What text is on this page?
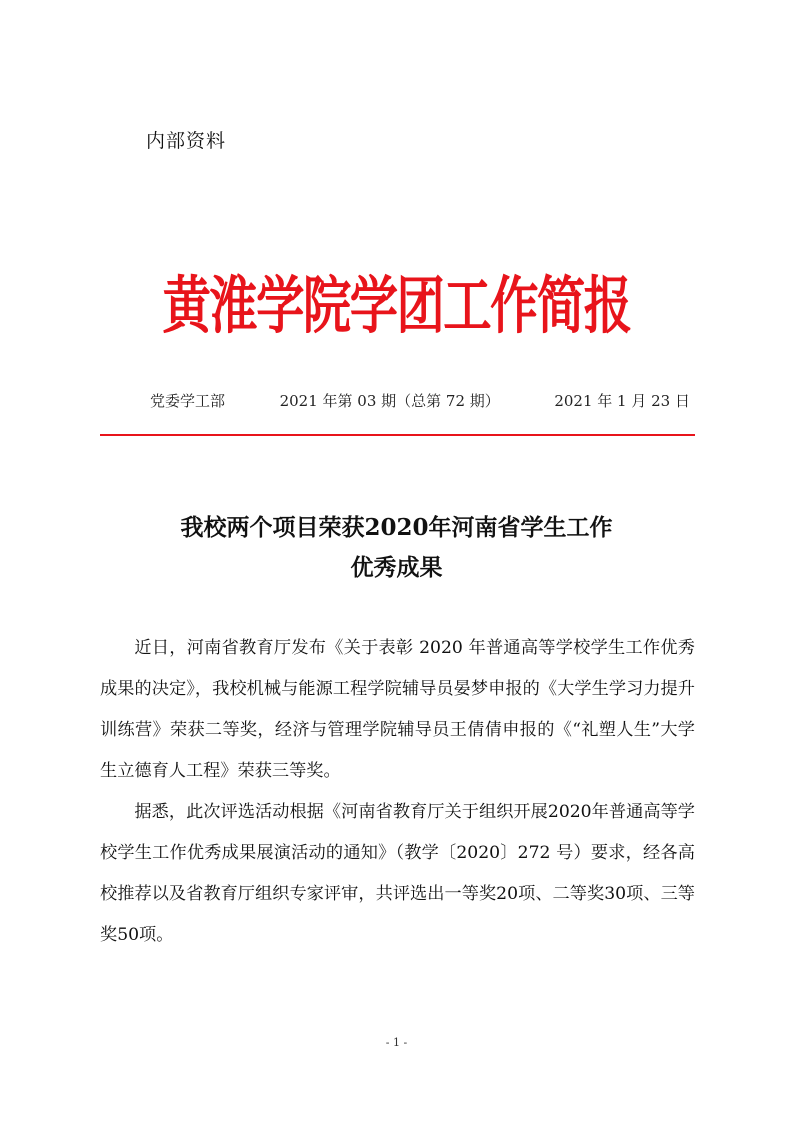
内部资料
黄淮学院学团工作简报
党委学工部	2021 年第 03 期（总第 72 期）	2021 年 1 月 23 日
我校两个项目荣获2020年河南省学生工作
优秀成果

近日，河南省教育厅发布《关于表彰 2020 年普通高等学校学生工作优秀成果的决定》，我校机械与能源工程学院辅导员晏梦申报的《大学生学习力提升训练营》荣获二等奖，经济与管理学院辅导员王倩倩申报的《“礼塑人生”大学生立德育人工程》荣获三等奖。

据悉，此次评选活动根据《河南省教育厅关于组织开展2020年普通高等学校学生工作优秀成果展演活动的通知》（教学〔2020〕272 号）要求，经各高校推荐以及省教育厅组织专家评审，共评选出一等奖20项、二等奖30项、三等奖50项。

- 1 -
